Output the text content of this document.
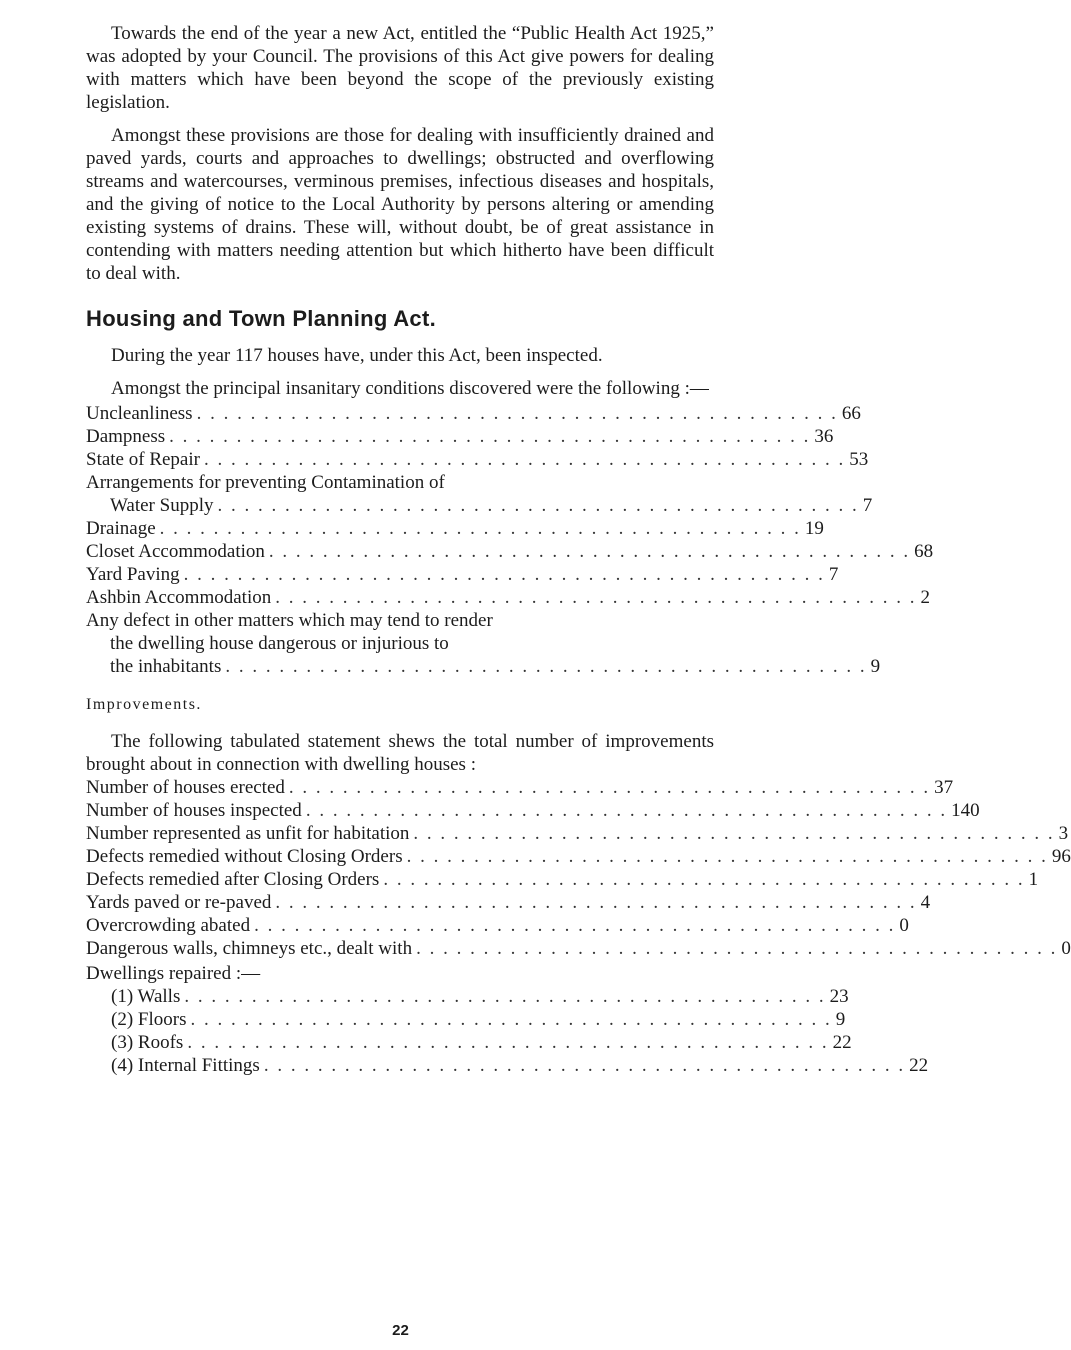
Towards the end of the year a new Act, entitled the “Public Health Act 1925,” was adopted by your Council. The provisions of this Act give powers for dealing with matters which have been beyond the scope of the previously existing legislation.

Amongst these provisions are those for dealing with insufficiently drained and paved yards, courts and approaches to dwellings; obstructed and overflowing streams and watercourses, verminous premises, infectious diseases and hospitals, and the giving of notice to the Local Authority by persons altering or amending existing systems of drains. These will, without doubt, be of great assistance in contending with matters needing attention but which hitherto have been difficult to deal with.

Housing and Town Planning Act.

During the year 117 houses have, under this Act, been inspected.

Amongst the principal insanitary conditions discovered were the following :—

Uncleanliness . . . . . . . . . . . . . . . . . . . . . . . . . . . . . . . . . . . . . . . . . . . . . . . . 66
Dampness . . . . . . . . . . . . . . . . . . . . . . . . . . . . . . . . . . . . . . . . . . . . . . . . 36
State of Repair . . . . . . . . . . . . . . . . . . . . . . . . . . . . . . . . . . . . . . . . . . . . . . . . 53
Arrangements for preventing Contamination of
Water Supply . . . . . . . . . . . . . . . . . . . . . . . . . . . . . . . . . . . . . . . . . . . . . . . . 7
Drainage . . . . . . . . . . . . . . . . . . . . . . . . . . . . . . . . . . . . . . . . . . . . . . . . 19
Closet Accommodation . . . . . . . . . . . . . . . . . . . . . . . . . . . . . . . . . . . . . . . . . . . . . . . . 68
Yard Paving . . . . . . . . . . . . . . . . . . . . . . . . . . . . . . . . . . . . . . . . . . . . . . . . 7
Ashbin Accommodation . . . . . . . . . . . . . . . . . . . . . . . . . . . . . . . . . . . . . . . . . . . . . . . . 2
Any defect in other matters which may tend to render
the dwelling house dangerous or injurious to
the inhabitants . . . . . . . . . . . . . . . . . . . . . . . . . . . . . . . . . . . . . . . . . . . . . . . . 9
Improvements.

The following tabulated statement shews the total number of improvements brought about in connection with dwelling houses :

Number of houses erected . . . . . . . . . . . . . . . . . . . . . . . . . . . . . . . . . . . . . . . . . . . . . . . . 37
Number of houses inspected . . . . . . . . . . . . . . . . . . . . . . . . . . . . . . . . . . . . . . . . . . . . . . . . 140
Number represented as unfit for habitation . . . . . . . . . . . . . . . . . . . . . . . . . . . . . . . . . . . . . . . . . . . . . . . . 3
Defects remedied without Closing Orders . . . . . . . . . . . . . . . . . . . . . . . . . . . . . . . . . . . . . . . . . . . . . . . . 96
Defects remedied after Closing Orders . . . . . . . . . . . . . . . . . . . . . . . . . . . . . . . . . . . . . . . . . . . . . . . . 1
Yards paved or re-paved . . . . . . . . . . . . . . . . . . . . . . . . . . . . . . . . . . . . . . . . . . . . . . . . 4
Overcrowding abated . . . . . . . . . . . . . . . . . . . . . . . . . . . . . . . . . . . . . . . . . . . . . . . . 0
Dangerous walls, chimneys etc., dealt with . . . . . . . . . . . . . . . . . . . . . . . . . . . . . . . . . . . . . . . . . . . . . . . . 0
Dwellings repaired :—
(1) Walls . . . . . . . . . . . . . . . . . . . . . . . . . . . . . . . . . . . . . . . . . . . . . . . . 23
(2) Floors . . . . . . . . . . . . . . . . . . . . . . . . . . . . . . . . . . . . . . . . . . . . . . . . 9
(3) Roofs . . . . . . . . . . . . . . . . . . . . . . . . . . . . . . . . . . . . . . . . . . . . . . . . 22
(4) Internal Fittings . . . . . . . . . . . . . . . . . . . . . . . . . . . . . . . . . . . . . . . . . . . . . . . . 22
22
